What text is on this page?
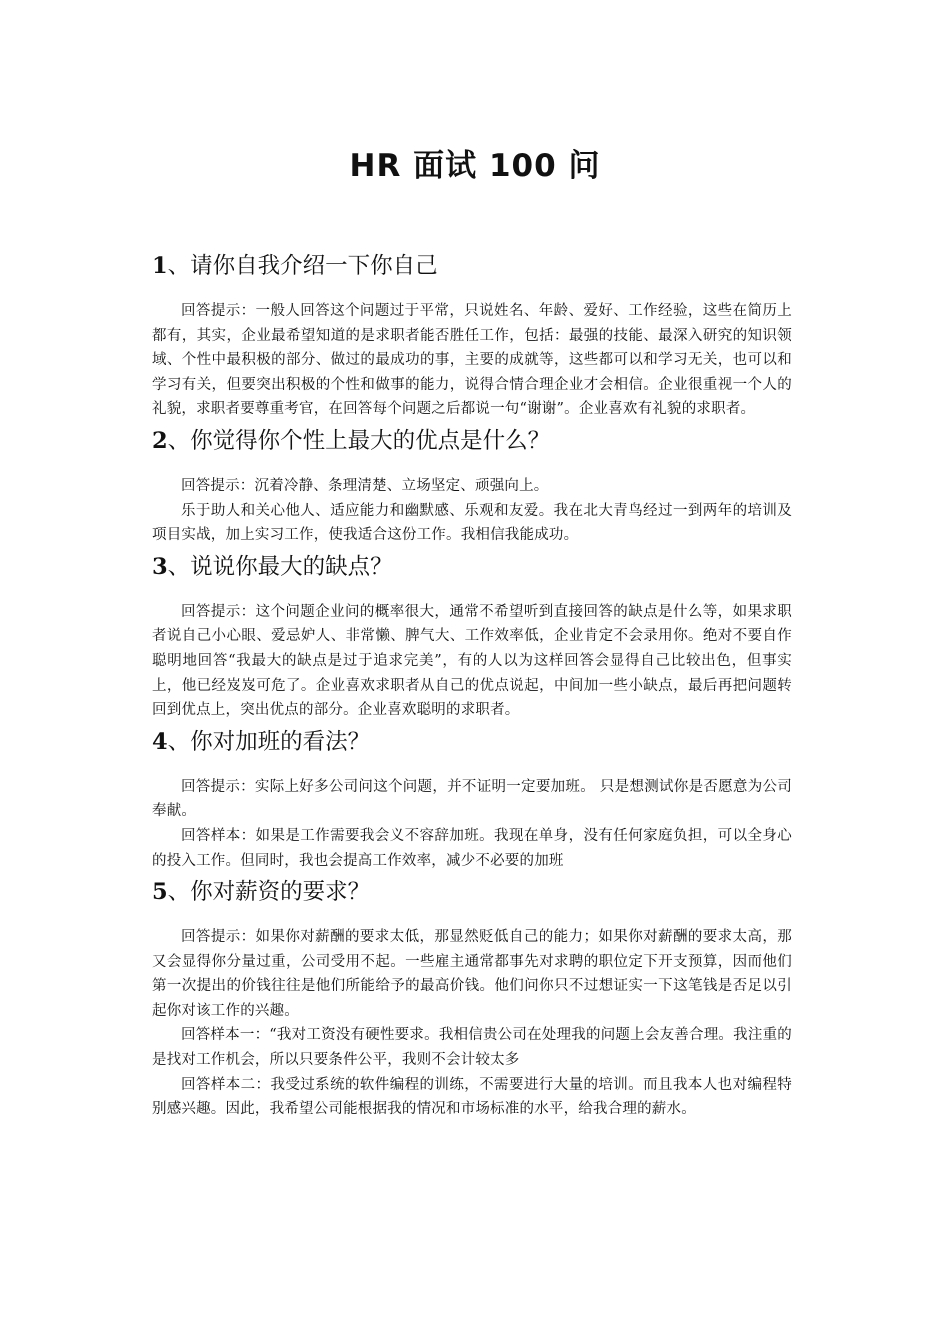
HR 面试 100 问
1、请你自我介绍一下你自己

回答提示：一般人回答这个问题过于平常，只说姓名、年龄、爱好、工作经验，这些在简历上都有，其实，企业最希望知道的是求职者能否胜任工作，包括：最强的技能、最深入研究的知识领域、个性中最积极的部分、做过的最成功的事，主要的成就等，这些都可以和学习无关，也可以和学习有关，但要突出积极的个性和做事的能力，说得合情合理企业才会相信。企业很重视一个人的礼貌，求职者要尊重考官，在回答每个问题之后都说一句“谢谢”。企业喜欢有礼貌的求职者。

2、你觉得你个性上最大的优点是什么？

回答提示：沉着冷静、条理清楚、立场坚定、顽强向上。

乐于助人和关心他人、适应能力和幽默感、乐观和友爱。我在北大青鸟经过一到两年的培训及项目实战，加上实习工作，使我适合这份工作。我相信我能成功。

3、说说你最大的缺点？

回答提示：这个问题企业问的概率很大，通常不希望听到直接回答的缺点是什么等，如果求职者说自己小心眼、爱忌妒人、非常懒、脾气大、工作效率低，企业肯定不会录用你。绝对不要自作聪明地回答“我最大的缺点是过于追求完美”，有的人以为这样回答会显得自己比较出色，但事实上，他已经岌岌可危了。企业喜欢求职者从自己的优点说起，中间加一些小缺点，最后再把问题转回到优点上，突出优点的部分。企业喜欢聪明的求职者。

4、你对加班的看法？

回答提示：实际上好多公司问这个问题，并不证明一定要加班。 只是想测试你是否愿意为公司奉献。

回答样本：如果是工作需要我会义不容辞加班。我现在单身，没有任何家庭负担，可以全身心的投入工作。但同时，我也会提高工作效率，减少不必要的加班

5、你对薪资的要求？

回答提示：如果你对薪酬的要求太低，那显然贬低自己的能力；如果你对薪酬的要求太高，那又会显得你分量过重，公司受用不起。一些雇主通常都事先对求聘的职位定下开支预算，因而他们第一次提出的价钱往往是他们所能给予的最高价钱。他们问你只不过想证实一下这笔钱是否足以引起你对该工作的兴趣。

回答样本一：“我对工资没有硬性要求。我相信贵公司在处理我的问题上会友善合理。我注重的是找对工作机会，所以只要条件公平，我则不会计较太多

回答样本二：我受过系统的软件编程的训练，不需要进行大量的培训。而且我本人也对编程特别感兴趣。因此，我希望公司能根据我的情况和市场标准的水平，给我合理的薪水。
